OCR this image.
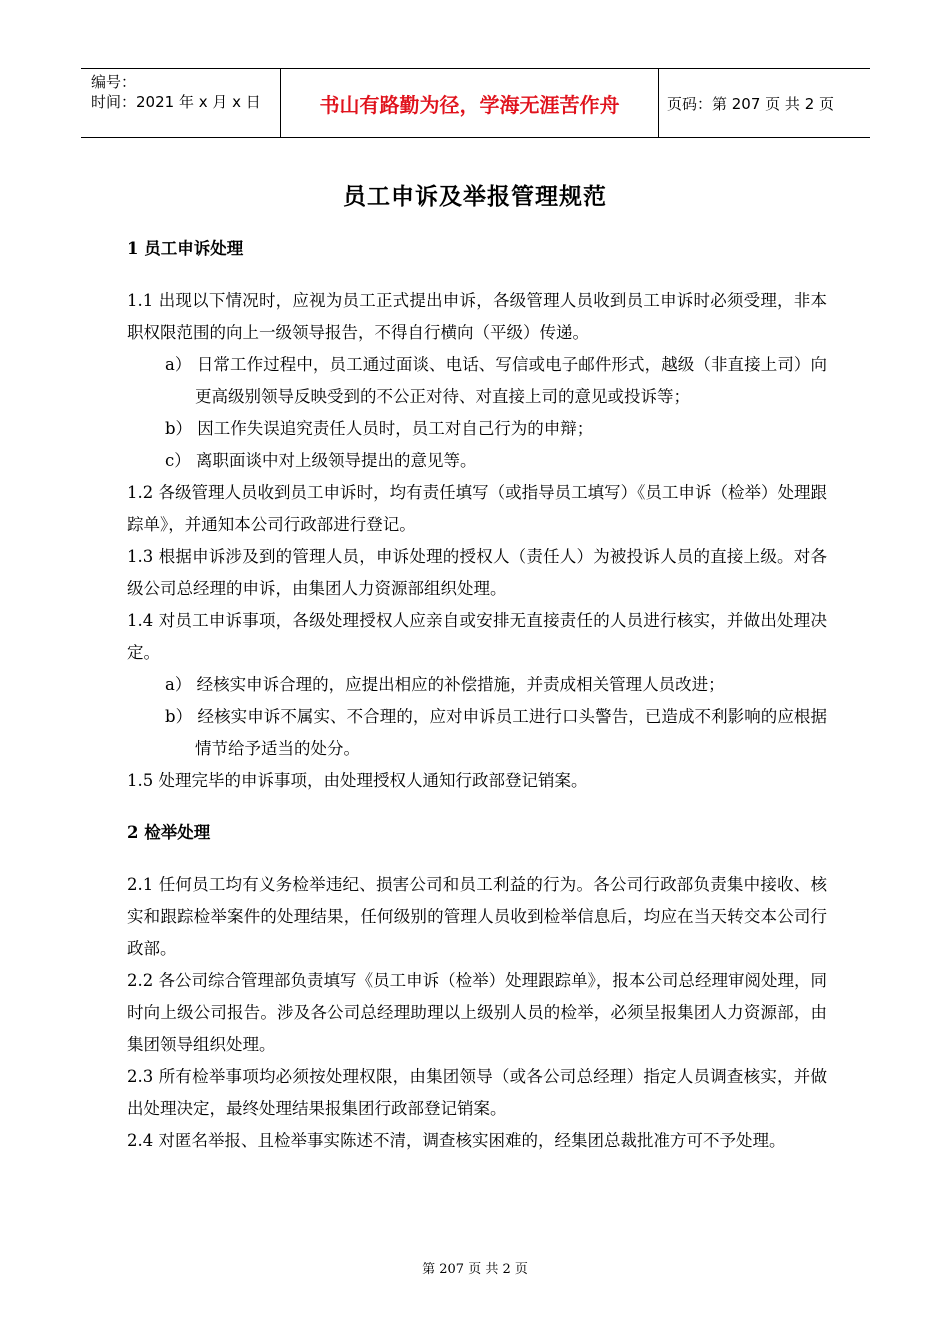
编号：
时间：2021 年 x 月 x 日	书山有路勤为径，学海无涯苦作舟	页码：第 207 页 共 2 页
员工申诉及举报管理规范

1 员工申诉处理

1.1 出现以下情况时，应视为员工正式提出申诉，各级管理人员收到员工申诉时必须受理，非本职权限范围的向上一级领导报告，不得自行横向（平级）传递。

a） 日常工作过程中，员工通过面谈、电话、写信或电子邮件形式，越级（非直接上司）向更高级别领导反映受到的不公正对待、对直接上司的意见或投诉等；

b） 因工作失误追究责任人员时，员工对自己行为的申辩；

c） 离职面谈中对上级领导提出的意见等。

1.2 各级管理人员收到员工申诉时，均有责任填写（或指导员工填写）《员工申诉（检举）处理跟踪单》，并通知本公司行政部进行登记。

1.3 根据申诉涉及到的管理人员，申诉处理的授权人（责任人）为被投诉人员的直接上级。对各级公司总经理的申诉，由集团人力资源部组织处理。

1.4 对员工申诉事项，各级处理授权人应亲自或安排无直接责任的人员进行核实，并做出处理决定。

a） 经核实申诉合理的，应提出相应的补偿措施，并责成相关管理人员改进；

b） 经核实申诉不属实、不合理的，应对申诉员工进行口头警告，已造成不利影响的应根据情节给予适当的处分。

1.5 处理完毕的申诉事项，由处理授权人通知行政部登记销案。

2 检举处理

2.1 任何员工均有义务检举违纪、损害公司和员工利益的行为。各公司行政部负责集中接收、核实和跟踪检举案件的处理结果，任何级别的管理人员收到检举信息后，均应在当天转交本公司行政部。

2.2 各公司综合管理部负责填写《员工申诉（检举）处理跟踪单》，报本公司总经理审阅处理，同时向上级公司报告。涉及各公司总经理助理以上级别人员的检举，必须呈报集团人力资源部，由集团领导组织处理。

2.3 所有检举事项均必须按处理权限，由集团领导（或各公司总经理）指定人员调查核实，并做出处理决定，最终处理结果报集团行政部登记销案。

2.4 对匿名举报、且检举事实陈述不清，调查核实困难的，经集团总裁批准方可不予处理。

第 207 页 共 2 页
